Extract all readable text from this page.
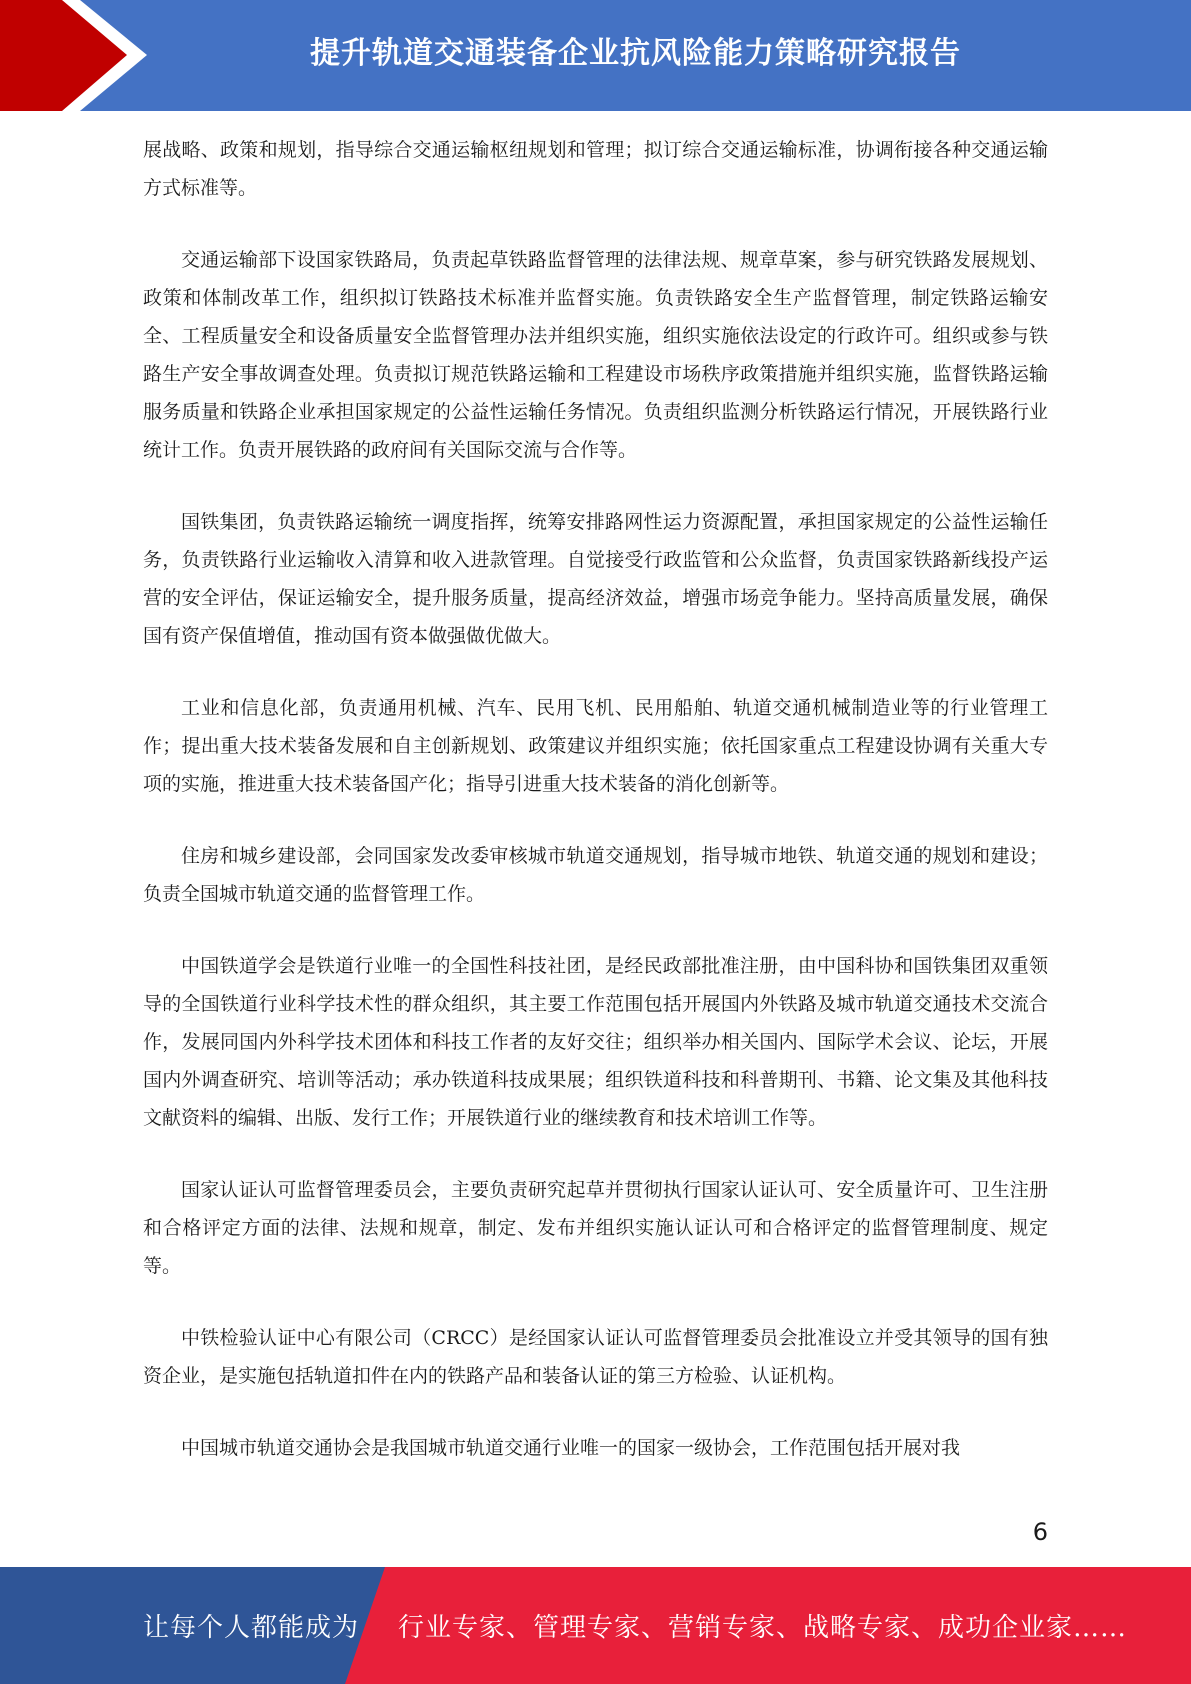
提升轨道交通装备企业抗风险能力策略研究报告

展战略、政策和规划，指导综合交通运输枢纽规划和管理；拟订综合交通运输标准，协调衔接各种交通运输方式标准等。

交通运输部下设国家铁路局，负责起草铁路监督管理的法律法规、规章草案，参与研究铁路发展规划、政策和体制改革工作，组织拟订铁路技术标准并监督实施。负责铁路安全生产监督管理，制定铁路运输安全、工程质量安全和设备质量安全监督管理办法并组织实施，组织实施依法设定的行政许可。组织或参与铁路生产安全事故调查处理。负责拟订规范铁路运输和工程建设市场秩序政策措施并组织实施，监督铁路运输服务质量和铁路企业承担国家规定的公益性运输任务情况。负责组织监测分析铁路运行情况，开展铁路行业统计工作。负责开展铁路的政府间有关国际交流与合作等。

国铁集团，负责铁路运输统一调度指挥，统筹安排路网性运力资源配置，承担国家规定的公益性运输任务，负责铁路行业运输收入清算和收入进款管理。自觉接受行政监管和公众监督，负责国家铁路新线投产运营的安全评估，保证运输安全，提升服务质量，提高经济效益，增强市场竞争能力。坚持高质量发展，确保国有资产保值增值，推动国有资本做强做优做大。

工业和信息化部，负责通用机械、汽车、民用飞机、民用船舶、轨道交通机械制造业等的行业管理工作；提出重大技术装备发展和自主创新规划、政策建议并组织实施；依托国家重点工程建设协调有关重大专项的实施，推进重大技术装备国产化；指导引进重大技术装备的消化创新等。

住房和城乡建设部，会同国家发改委审核城市轨道交通规划，指导城市地铁、轨道交通的规划和建设；负责全国城市轨道交通的监督管理工作。

中国铁道学会是铁道行业唯一的全国性科技社团，是经民政部批准注册，由中国科协和国铁集团双重领导的全国铁道行业科学技术性的群众组织，其主要工作范围包括开展国内外铁路及城市轨道交通技术交流合作，发展同国内外科学技术团体和科技工作者的友好交往；组织举办相关国内、国际学术会议、论坛，开展国内外调查研究、培训等活动；承办铁道科技成果展；组织铁道科技和科普期刊、书籍、论文集及其他科技文献资料的编辑、出版、发行工作；开展铁道行业的继续教育和技术培训工作等。

国家认证认可监督管理委员会，主要负责研究起草并贯彻执行国家认证认可、安全质量许可、卫生注册和合格评定方面的法律、法规和规章，制定、发布并组织实施认证认可和合格评定的监督管理制度、规定等。

中铁检验认证中心有限公司（CRCC）是经国家认证认可监督管理委员会批准设立并受其领导的国有独资企业，是实施包括轨道扣件在内的铁路产品和装备认证的第三方检验、认证机构。

中国城市轨道交通协会是我国城市轨道交通行业唯一的国家一级协会，工作范围包括开展对我

6
让每个人都能成为 行业专家、管理专家、营销专家、战略专家、成功企业家……
